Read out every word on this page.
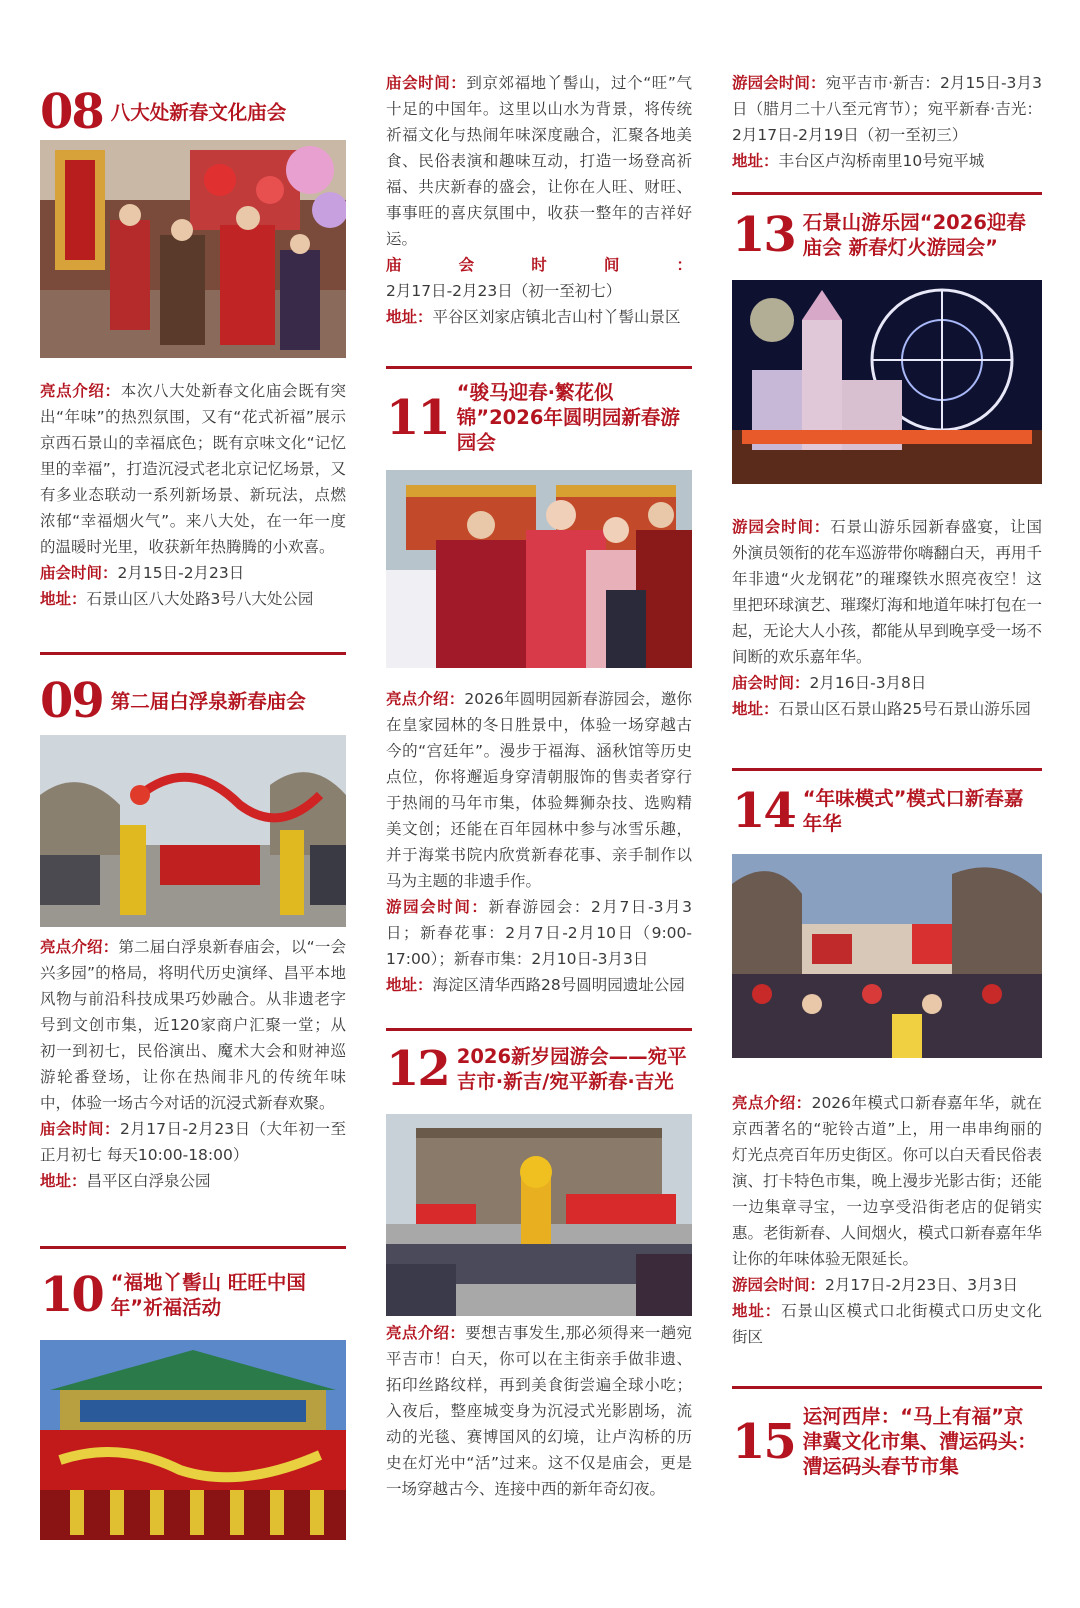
08 八大处新春文化庙会

亮点介绍：本次八大处新春文化庙会既有突出“年味”的热烈氛围，又有“花式祈福”展示京西石景山的幸福底色；既有京味文化“记忆里的幸福”，打造沉浸式老北京记忆场景，又有多业态联动一系列新场景、新玩法，点燃浓郁“幸福烟火气”。来八大处，在一年一度的温暖时光里，收获新年热腾腾的小欢喜。

庙会时间：2月15日-2月23日

地址：石景山区八大处路3号八大处公园

09 第二届白浮泉新春庙会

亮点介绍：第二届白浮泉新春庙会，以“一会兴多园”的格局，将明代历史演绎、昌平本地风物与前沿科技成果巧妙融合。从非遗老字号到文创市集，近120家商户汇聚一堂；从初一到初七，民俗演出、魔术大会和财神巡游轮番登场，让你在热闹非凡的传统年味中，体验一场古今对话的沉浸式新春欢聚。

庙会时间：2月17日-2月23日（大年初一至正月初七 每天10:00-18:00）

地址：昌平区白浮泉公园

10 “福地丫髻山 旺旺中国年”祈福活动

庙会时间：到京郊福地丫髻山，过个“旺”气十足的中国年。这里以山水为背景，将传统祈福文化与热闹年味深度融合，汇聚各地美食、民俗表演和趣味互动，打造一场登高祈福、共庆新春的盛会，让你在人旺、财旺、事事旺的喜庆氛围中，收获一整年的吉祥好运。

庙会时间：2月17日-2月23日（初一至初七）

地址：平谷区刘家店镇北吉山村丫髻山景区

11 “骏马迎春·繁花似锦”2026年圆明园新春游园会

亮点介绍：2026年圆明园新春游园会，邀你在皇家园林的冬日胜景中，体验一场穿越古今的“宫廷年”。漫步于福海、涵秋馆等历史点位，你将邂逅身穿清朝服饰的售卖者穿行于热闹的马年市集，体验舞狮杂技、选购精美文创；还能在百年园林中参与冰雪乐趣，并于海棠书院内欣赏新春花事、亲手制作以马为主题的非遗手作。

游园会时间：新春游园会：2月7日-3月3日；新春花事：2月7日-2月10日（9:00-17:00）；新春市集：2月10日-3月3日

地址：海淀区清华西路28号圆明园遗址公园

12 2026新岁园游会——宛平吉市·新吉/宛平新春·吉光

亮点介绍：要想吉事发生,那必须得来一趟宛平吉市！白天，你可以在主街亲手做非遗、拓印丝路纹样，再到美食街尝遍全球小吃；入夜后，整座城变身为沉浸式光影剧场，流动的光毯、赛博国风的幻境，让卢沟桥的历史在灯光中“活”过来。这不仅是庙会，更是一场穿越古今、连接中西的新年奇幻夜。

游园会时间：宛平吉市·新吉：2月15日-3月3日（腊月二十八至元宵节）；宛平新春·吉光：2月17日-2月19日（初一至初三）

地址：丰台区卢沟桥南里10号宛平城

13 石景山游乐园“2026迎春庙会 新春灯火游园会”

游园会时间：石景山游乐园新春盛宴，让国外演员领衔的花车巡游带你嗨翻白天，再用千年非遗“火龙钢花”的璀璨铁水照亮夜空！这里把环球演艺、璀璨灯海和地道年味打包在一起，无论大人小孩，都能从早到晚享受一场不间断的欢乐嘉年华。

庙会时间：2月16日-3月8日

地址：石景山区石景山路25号石景山游乐园

14 “年味模式”模式口新春嘉年华

亮点介绍：2026年模式口新春嘉年华，就在京西著名的“驼铃古道”上，用一串串绚丽的灯光点亮百年历史街区。你可以白天看民俗表演、打卡特色市集，晚上漫步光影古街；还能一边集章寻宝，一边享受沿街老店的促销实惠。老街新春、人间烟火，模式口新春嘉年华让你的年味体验无限延长。

游园会时间：2月17日-2月23日、3月3日

地址：石景山区模式口北街模式口历史文化街区

15 运河西岸：“马上有福”京津冀文化市集、漕运码头：漕运码头春节市集
